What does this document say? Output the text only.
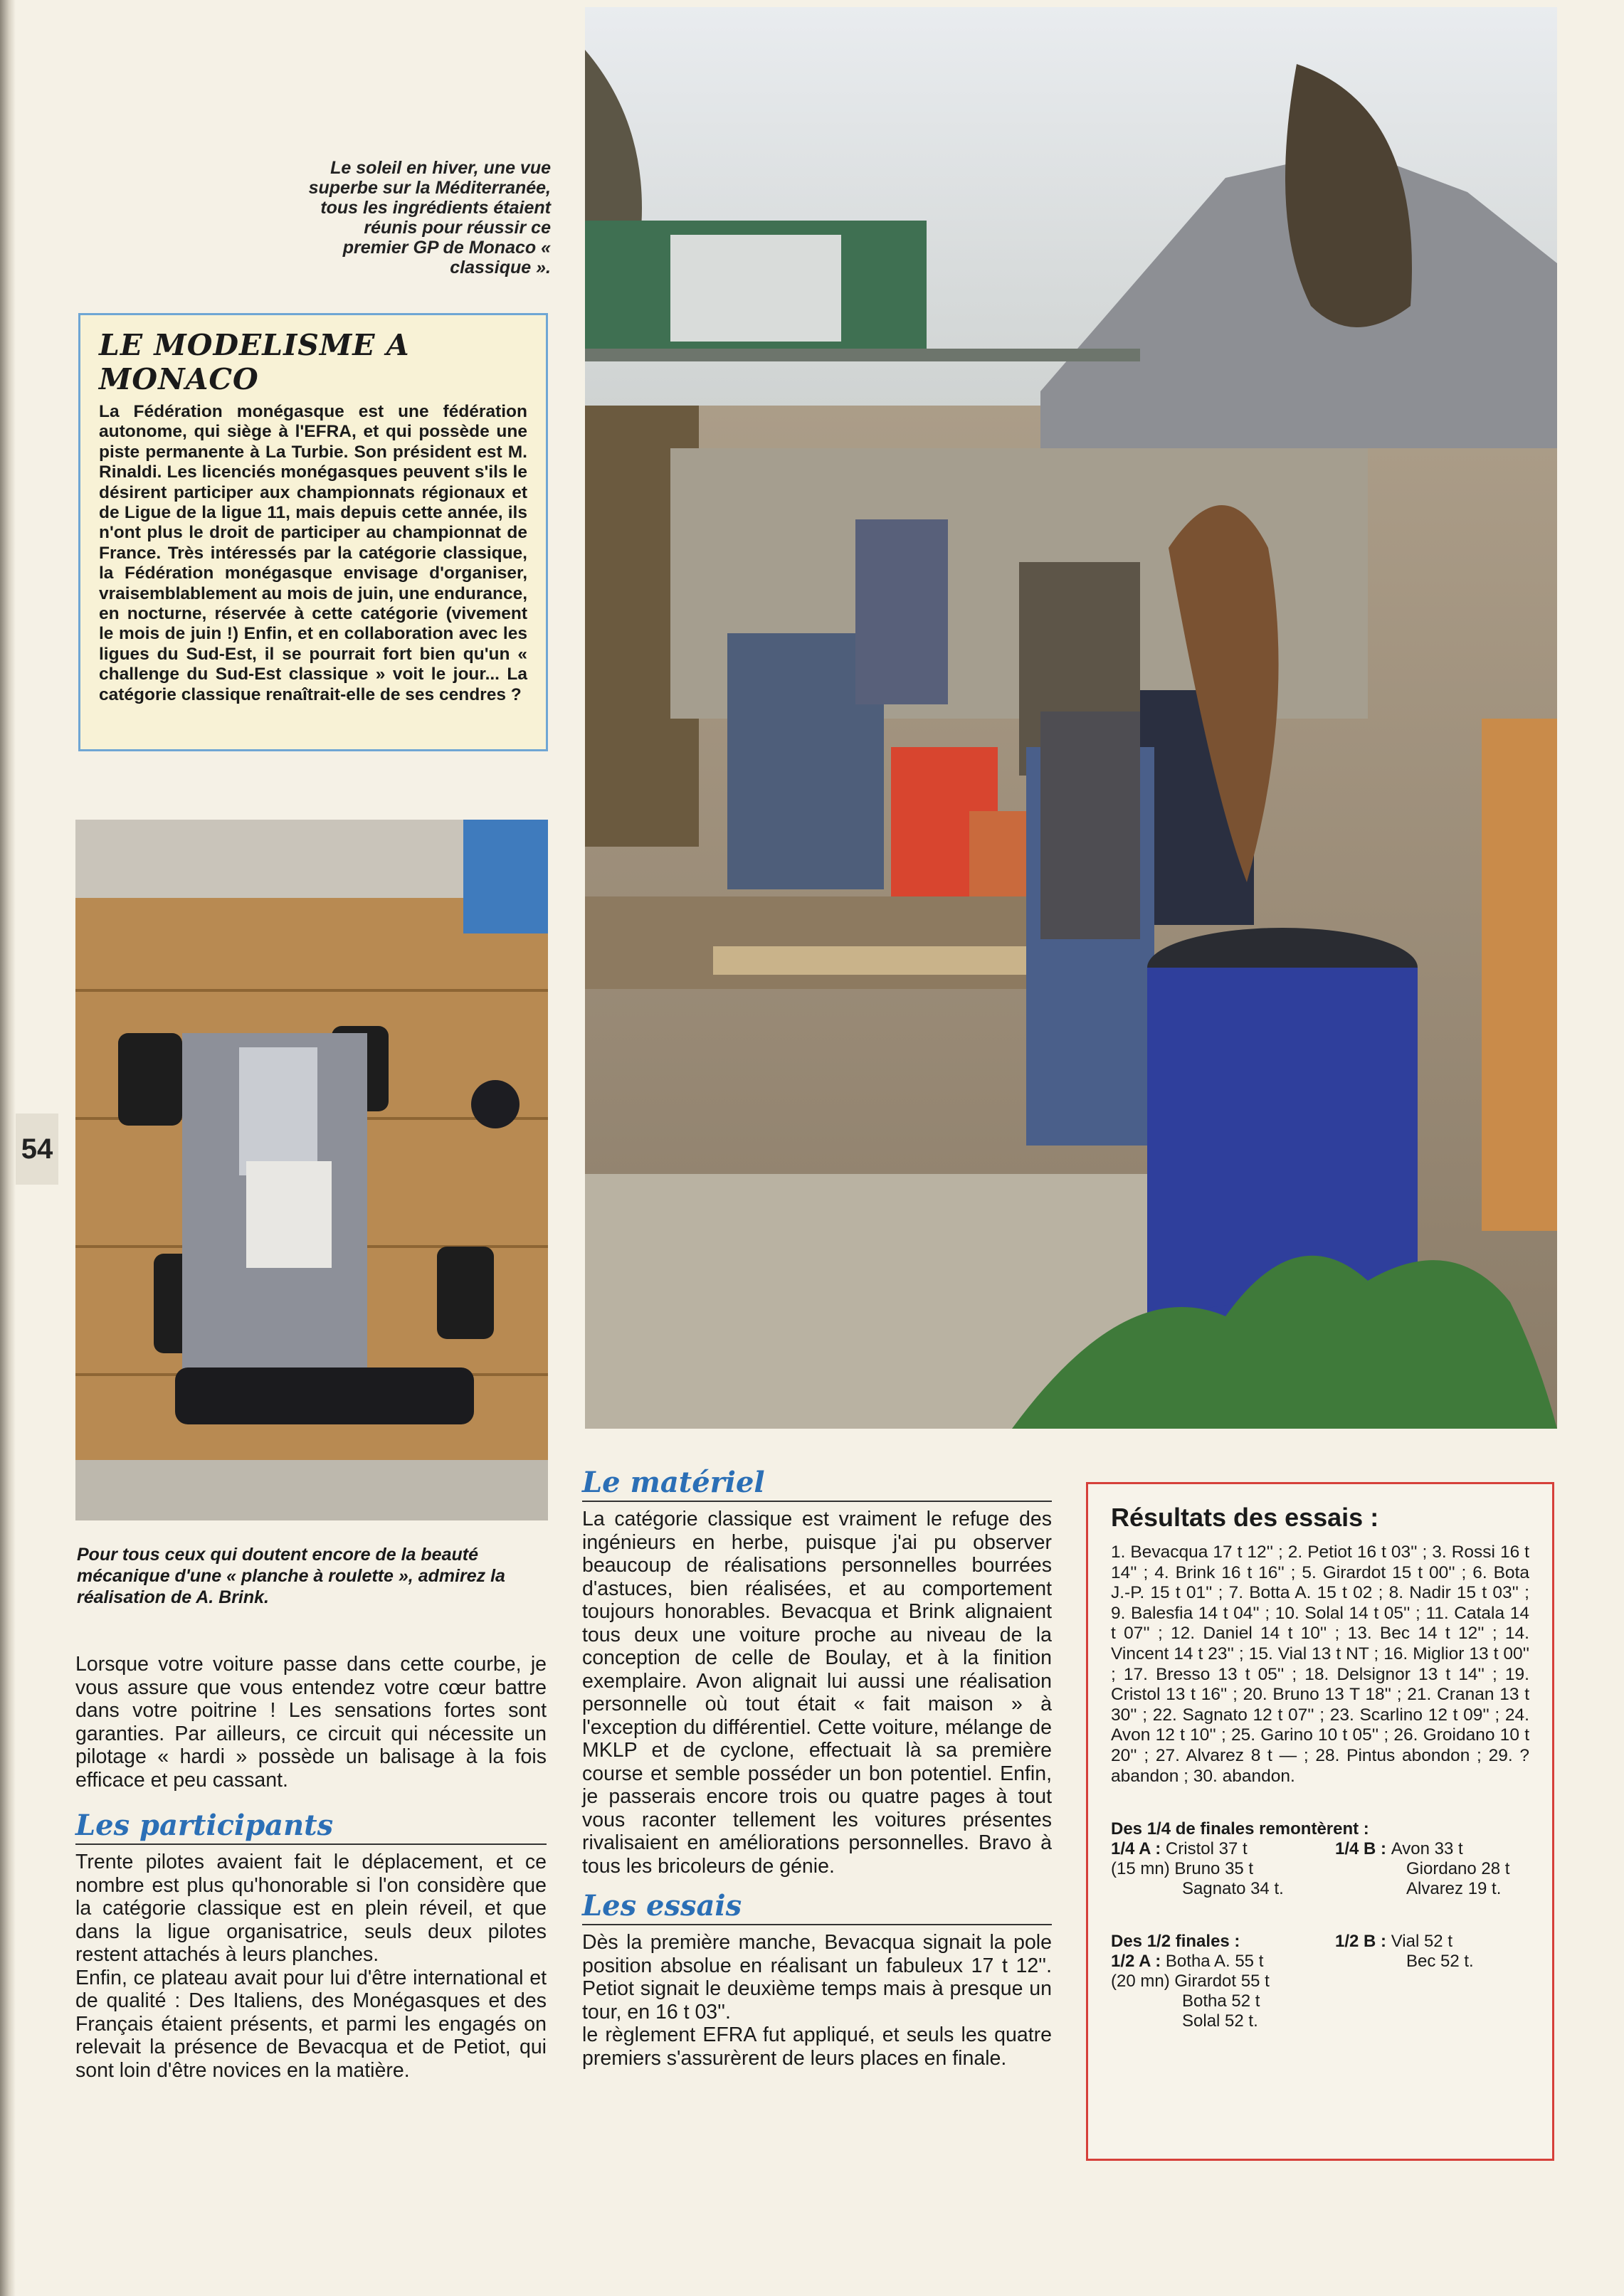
54
Le soleil en hiver, une vue superbe sur la Méditerranée, tous les ingrédients étaient réunis pour réussir ce premier GP de Monaco « classique ».
LE MODELISME A MONACO

La Fédération monégasque est une fédération autonome, qui siège à l'EFRA, et qui possède une piste permanente à La Turbie. Son président est M. Rinaldi. Les licenciés monégasques peuvent s'ils le désirent participer aux championnats régionaux et de Ligue de la ligue 11, mais depuis cette année, ils n'ont plus le droit de participer au championnat de France. Très intéressés par la catégorie classique, la Fédération monégasque envisage d'organiser, vraisemblablement au mois de juin, une endurance, en nocturne, réservée à cette catégorie (vivement le mois de juin !) Enfin, et en collaboration avec les ligues du Sud-Est, il se pourrait fort bien qu'un « challenge du Sud-Est classique » voit le jour... La catégorie classique renaîtrait-elle de ses cendres ?

Pour tous ceux qui doutent encore de la beauté mécanique d'une « planche à roulette », admirez la réalisation de A. Brink.

Lorsque votre voiture passe dans cette courbe, je vous assure que vous entendez votre cœur battre dans votre poitrine ! Les sensations fortes sont garanties. Par ailleurs, ce circuit qui nécessite un pilotage « hardi » possède un balisage à la fois efficace et peu cassant.

Les participants

Trente pilotes avaient fait le déplacement, et ce nombre est plus qu'honorable si l'on considère que la catégorie classique est en plein réveil, et que dans la ligue organisatrice, seuls deux pilotes restent attachés à leurs planches.

Enfin, ce plateau avait pour lui d'être international et de qualité : Des Italiens, des Monégasques et des Français étaient présents, et parmi les engagés on relevait la présence de Bevacqua et de Petiot, qui sont loin d'être novices en la matière.

Le matériel

La catégorie classique est vraiment le refuge des ingénieurs en herbe, puisque j'ai pu observer beaucoup de réalisations personnelles bourrées d'astuces, bien réalisées, et au comportement toujours honorables. Bevacqua et Brink alignaient tous deux une voiture proche au niveau de la conception de celle de Boulay, et à la finition exemplaire. Avon alignait lui aussi une réalisation personnelle où tout était « fait maison » à l'exception du différentiel. Cette voiture, mélange de MKLP et de cyclone, effectuait là sa première course et semble posséder un bon potentiel. Enfin, je passerais encore trois ou quatre pages à tout vous raconter tellement les voitures présentes rivalisaient en améliorations personnelles. Bravo à tous les bricoleurs de génie.

Les essais

Dès la première manche, Bevacqua signait la pole position absolue en réalisant un fabuleux 17 t 12''. Petiot signait le deuxième temps mais à presque un tour, en 16 t 03''.

le règlement EFRA fut appliqué, et seuls les quatre premiers s'assurèrent de leurs places en finale.

Résultats des essais :

1. Bevacqua 17 t 12'' ; 2. Petiot 16 t 03'' ; 3. Rossi 16 t 14'' ; 4. Brink 16 t 16'' ; 5. Girardot 15 t 00'' ; 6. Bota J.-P. 15 t 01'' ; 7. Botta A. 15 t 02 ; 8. Nadir 15 t 03'' ; 9. Balesfia 14 t 04'' ; 10. Solal 14 t 05'' ; 11. Catala 14 t 07'' ; 12. Daniel 14 t 10'' ; 13. Bec 14 t 12'' ; 14. Vincent 14 t 23'' ; 15. Vial 13 t NT ; 16. Miglior 13 t 00'' ; 17. Bresso 13 t 05'' ; 18. Delsignor 13 t 14'' ; 19. Cristol 13 t 16'' ; 20. Bruno 13 T 18'' ; 21. Cranan 13 t 30'' ; 22. Sagnato 12 t 07'' ; 23. Scarlino 12 t 09'' ; 24. Avon 12 t 10'' ; 25. Garino 10 t 05'' ; 26. Groidano 10 t 20'' ; 27. Alvarez 8 t — ; 28. Pintus abondon ; 29. ? abandon ; 30. abandon.

Des 1/4 de finales remontèrent :
1/4 A : Cristol 37 t
(15 mn) Bruno 35 t
Sagnato 34 t.
1/4 B : Avon 33 t
Giordano 28 t
Alvarez 19 t.
Des 1/2 finales :
1/2 A : Botha A. 55 t
(20 mn) Girardot 55 t
Botha 52 t
Solal 52 t.
1/2 B : Vial 52 t
Bec 52 t.
